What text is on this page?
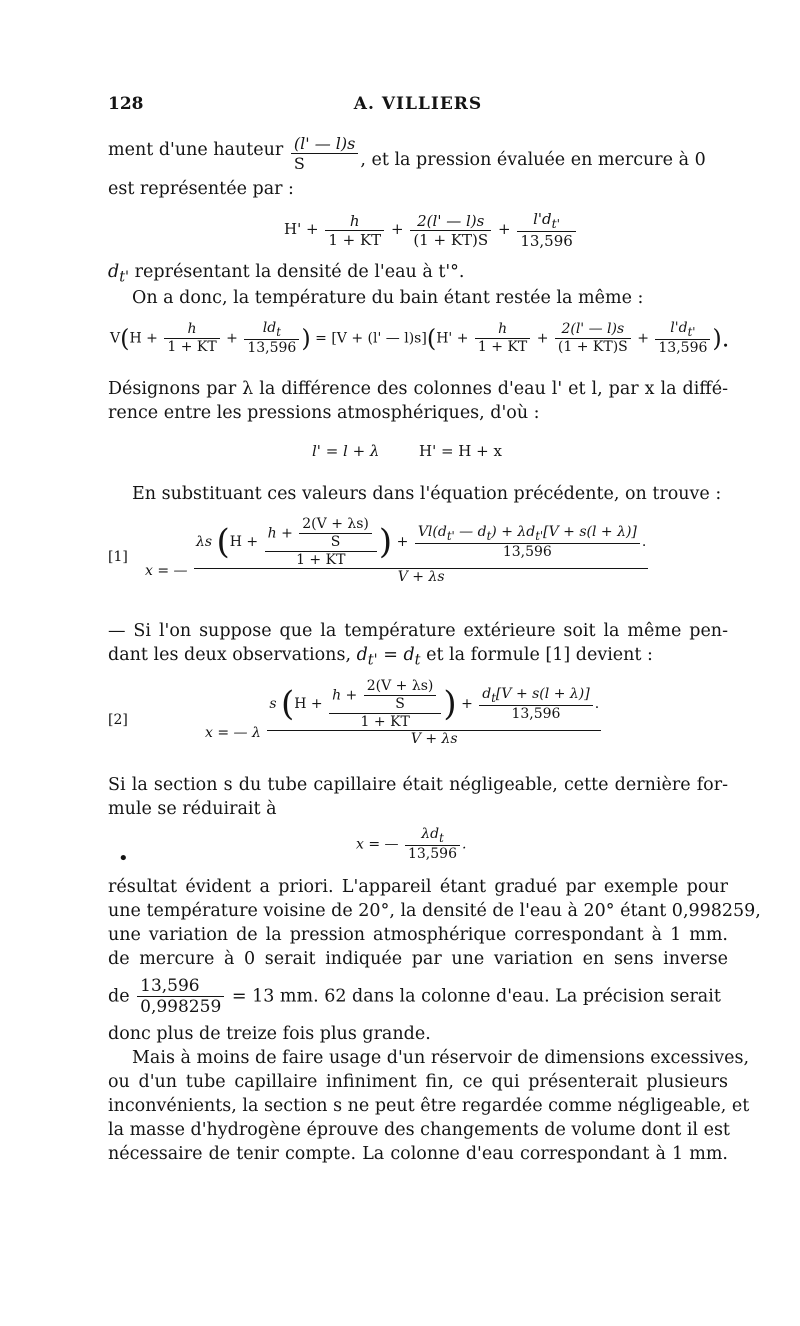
128	A. VILLIERS
ment d'une hauteur $\frac{(l' — l)s}{S}$ , et la pression évaluée en mercure à 0
est représentée par :
$H' + \frac{h}{1 + KT} + \frac{2(l' — l)s}{(1 + KT)S} + \frac{l'd_{t'}}{13,596}$
$d_{t'}$ représentant la densité de l'eau à t'°.
On a donc, la température du bain étant restée la même :
$V(H + \frac{h}{1 + KT}$ +
$ld_t$
13,596 ) = [V + (l' — $l)s](H' + \frac{h}{1 + KT} + \frac{2(l' — l)s}{(1 + KT)S} + \frac{l'd_{t'}}{13,596}$ ).
Désignons par λ la différence des colonnes d'eau l' et l, par x la diffé-
rence entre les pressions atmosphériques, d'où :
l' = l + λ	H' = H + x
En substituant ces valeurs dans l'équation précédente, on trouve :
[1]
x = —
λs ($H + \frac{h + \frac{2(V + \lambda s)}{S}}{1 + KT}$ ) +
$Vl(d_{t'}$ — $d_t) + \lambda d_{t'}[V + s(l + \lambda)]$
13,596
.
V + λs
— Si l'on suppose que la température extérieure soit la même pen-
dant les deux observations, $d_{t'} = d_t$ et la formule [1] devient :
[2]
x = — λ
s ($H + \frac{h + \frac{2(V + \lambda s)}{S}}{1 + KT}$ ) + $\frac{d_t[V + s(l + \lambda)]}{13,596}$ .
V + λs
Si la section s du tube capillaire était négligeable, cette dernière for-
mule se réduirait à
x = —
$\lambda d_t$
13,596
.
•
résultat évident a priori. L'appareil étant gradué par exemple pour
une température voisine de 20°, la densité de l'eau à 20° étant 0,998259,
une variation de la pression atmosphérique correspondant à 1 mm.
de mercure à 0 serait indiquée par une variation en sens inverse
de $\frac{13,596}{0,998259} = 13$ mm. 62 dans la colonne d'eau. La précision serait
donc plus de treize fois plus grande.
Mais à moins de faire usage d'un réservoir de dimensions excessives,
ou d'un tube capillaire infiniment fin, ce qui présenterait plusieurs
inconvénients, la section s ne peut être regardée comme négligeable, et
la masse d'hydrogène éprouve des changements de volume dont il est
nécessaire de tenir compte. La colonne d'eau correspondant à 1 mm.
